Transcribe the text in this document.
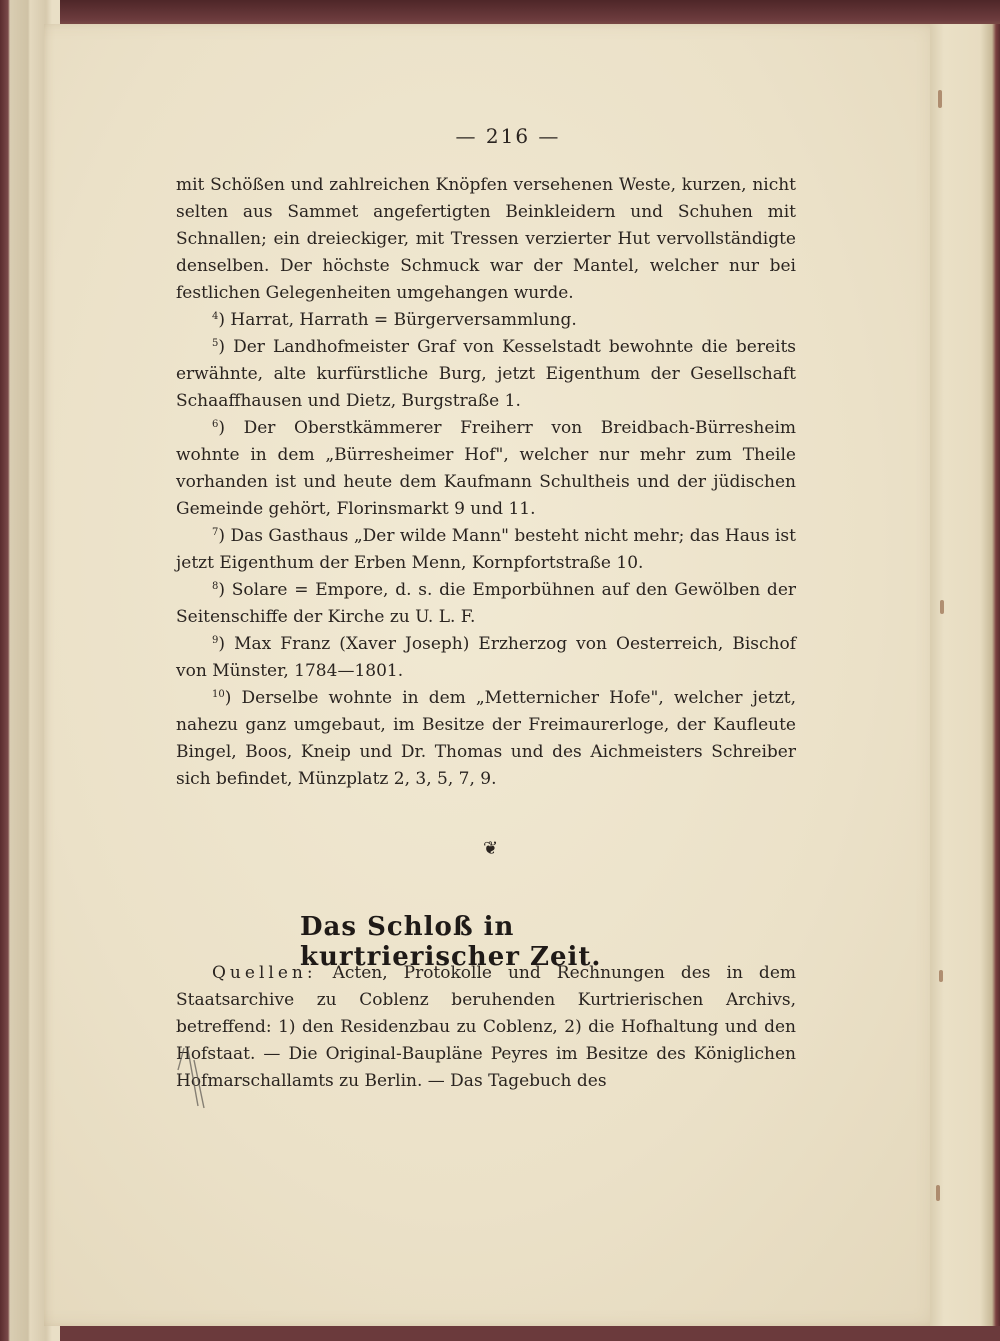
— 216 —

mit Schößen und zahlreichen Knöpfen versehenen Weste, kurzen, nicht selten aus Sammet angefertigten Beinkleidern und Schuhen mit Schnallen; ein dreieckiger, mit Tressen verzierter Hut vervollständigte denselben. Der höchste Schmuck war der Mantel, welcher nur bei festlichen Gelegenheiten umgehangen wurde.

$^4$) Harrat, Harrath = Bürgerversammlung.

$^5$) Der Landhofmeister Graf von Kesselstadt bewohnte die bereits erwähnte, alte kurfürstliche Burg, jetzt Eigenthum der Gesellschaft Schaaffhausen und Dietz, Burgstraße 1.

$^6$) Der Oberstkämmerer Freiherr von Breidbach-Bürresheim wohnte in dem „Bürresheimer Hof", welcher nur mehr zum Theile vorhanden ist und heute dem Kaufmann Schultheis und der jüdischen Gemeinde gehört, Florinsmarkt 9 und 11.

$^7$) Das Gasthaus „Der wilde Mann" besteht nicht mehr; das Haus ist jetzt Eigenthum der Erben Menn, Kornpfortstraße 10.

$^8$) Solare = Empore, d. s. die Emporbühnen auf den Gewölben der Seitenschiffe der Kirche zu U. L. F.

$^9$) Max Franz (Xaver Joseph) Erzherzog von Oesterreich, Bischof von Münster, 1784—1801.

$^{10}$) Derselbe wohnte in dem „Metternicher Hofe", welcher jetzt, nahezu ganz umgebaut, im Besitze der Freimaurerloge, der Kaufleute Bingel, Boos, Kneip und Dr. Thomas und des Aichmeisters Schreiber sich befindet, Münzplatz 2, 3, 5, 7, 9.

❦
Das Schloß in kurtrierischer Zeit.

Quellen: Acten, Protokolle und Rechnungen des in dem Staatsarchive zu Coblenz beruhenden Kurtrierischen Archivs, betreffend: 1) den Residenzbau zu Coblenz, 2) die Hofhaltung und den Hofstaat. — Die Original-Baupläne Peyres im Besitze des Königlichen Hofmarschallamts zu Berlin. — Das Tagebuch des
